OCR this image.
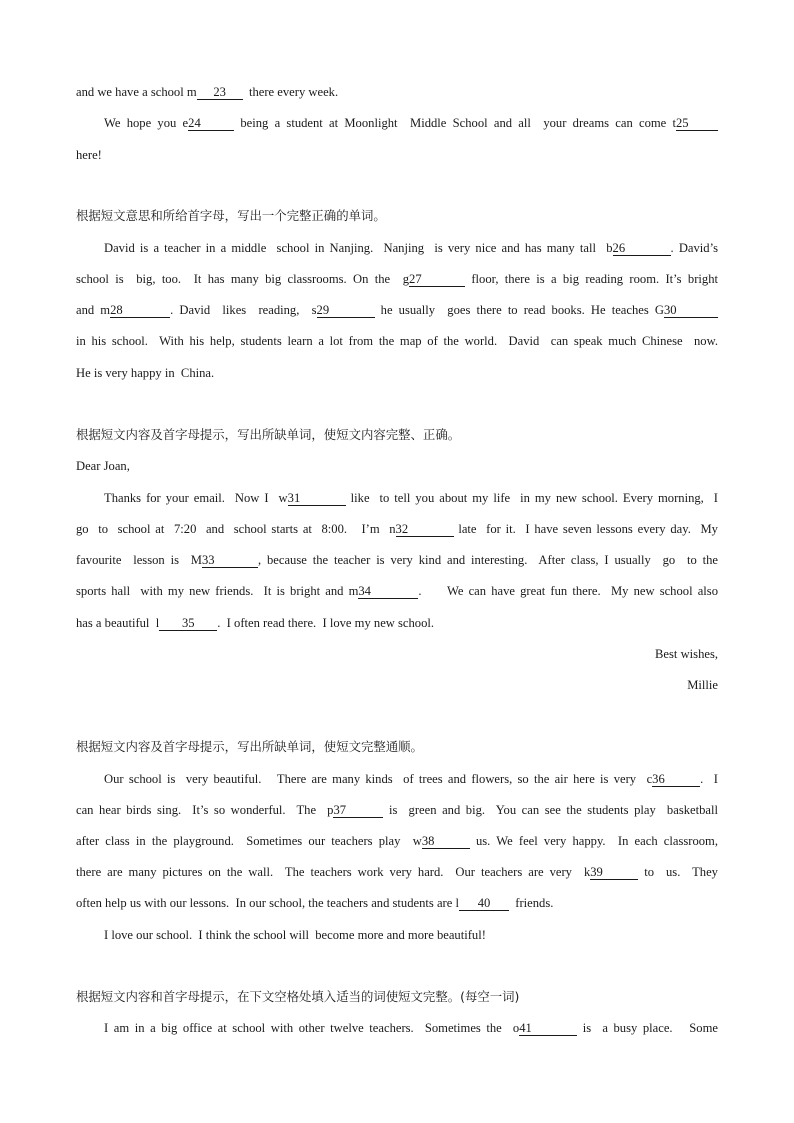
and we have a school m 23  there every week.
We hope you e24	being a student at Moonlight  Middle School and all  your dreams can come t25
here!
根据短文意思和所给首字母，写出一个完整正确的单词。
David is a teacher in a middle  school in Nanjing.  Nanjing  is very nice and has many tall  b26	. David’s
school is  big, too.  It has many big classrooms. On the  g27	floor, there is a big reading room. It’s bright
and m28	. David  likes  reading,  s29	he usually  goes there to read books. He teaches G30
in his school.  With his help, students learn a lot from the map of the world.  David  can speak much Chinese  now.
He is very happy in  China.
根据短文内容及首字母提示，写出所缺单词，使短文内容完整、正确。
Dear Joan,
Thanks for your email.  Now I  w31	like  to tell you about my life  in my new school. Every morning,  I
go  to  school at  7:20  and  school starts at  8:00.   I’m  n32	late  for it.  I have seven lessons every day.  My
favourite  lesson is  M33	, because the teacher is very kind and interesting.  After class, I usually  go  to the
sports hall  with my new friends.  It is bright and m34	.     We can have great fun there.  My new school also
has a beautiful  l 35 .  I often read there.  I love my new school.
Best wishes,
Millie
根据短文内容及首字母提示，写出所缺单词，使短文完整通顺。
Our school is  very beautiful.   There are many kinds  of trees and flowers, so the air here is very  c36	.  I
can hear birds sing.  It’s so wonderful.  The  p37	is  green and big.  You can see the students play  basketball
after class in the playground.  Sometimes our teachers play  w38	us. We feel very happy.  In each classroom,
there are many pictures on the wall.  The teachers work very hard.  Our teachers are very  k39	to  us.  They
often help us with our lessons.  In our school, the teachers and students are l 40  friends.
I love our school.  I think the school will  become more and more beautiful!
根据短文内容和首字母提示，在下文空格处填入适当的词使短文完整。(每空一词)
I am in a big office at school with other twelve teachers.  Sometimes the  o41	is  a busy place.   Some
